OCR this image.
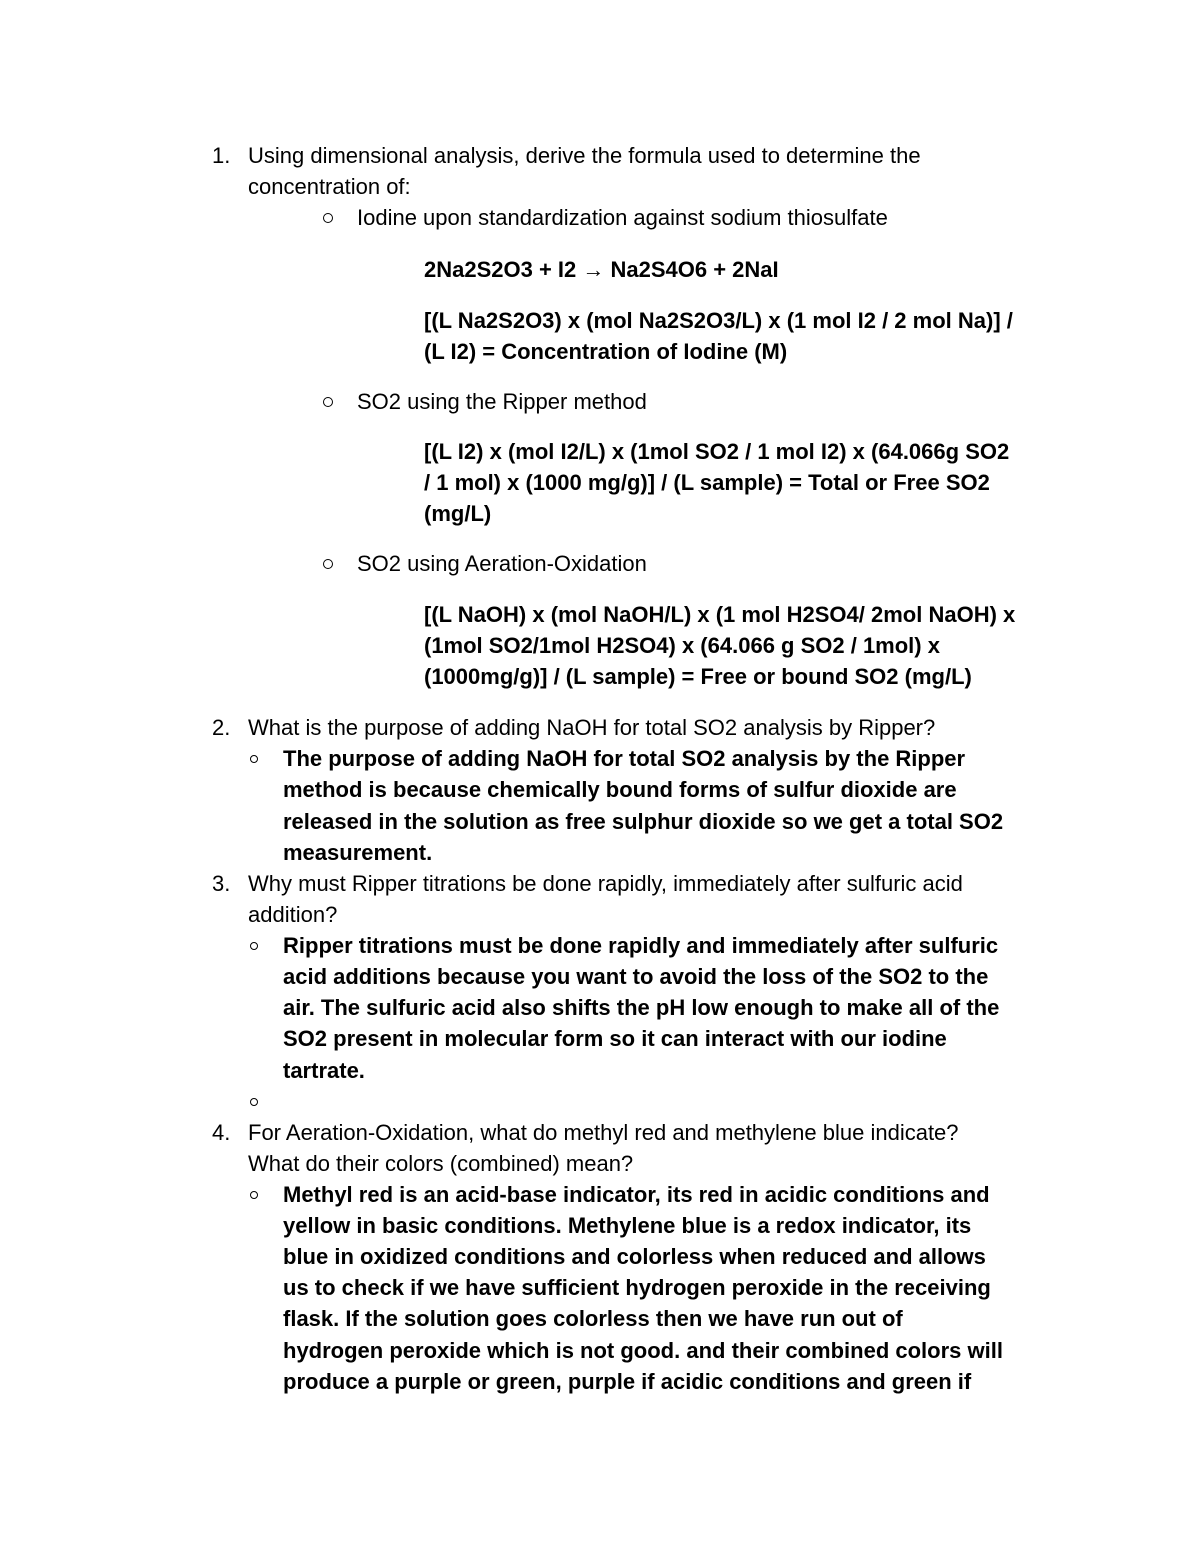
1. Using dimensional analysis, derive the formula used to determine the
concentration of:
Iodine upon standardization against sodium thiosulfate
2Na2S2O3 + I2 → Na2S4O6 + 2NaI
[(L Na2S2O3) x (mol Na2S2O3/L) x (1 mol I2 / 2 mol Na)] /
(L I2) = Concentration of Iodine (M)
SO2 using the Ripper method
[(L I2) x (mol I2/L) x (1mol SO2 / 1 mol I2) x (64.066g SO2
/ 1 mol) x (1000 mg/g)] / (L sample) = Total or Free SO2
(mg/L)
SO2 using Aeration-Oxidation
[(L NaOH) x (mol NaOH/L) x (1 mol H2SO4/ 2mol NaOH) x
(1mol SO2/1mol H2SO4) x (64.066 g SO2 / 1mol) x
(1000mg/g)] / (L sample) = Free or bound SO2 (mg/L)
2. What is the purpose of adding NaOH for total SO2 analysis by Ripper?
The purpose of adding NaOH for total SO2 analysis by the Ripper
method is because chemically bound forms of sulfur dioxide are
released in the solution as free sulphur dioxide so we get a total SO2
measurement.
3. Why must Ripper titrations be done rapidly, immediately after sulfuric acid
addition?
Ripper titrations must be done rapidly and immediately after sulfuric
acid additions because you want to avoid the loss of the SO2 to the
air. The sulfuric acid also shifts the pH low enough to make all of the
SO2 present in molecular form so it can interact with our iodine
tartrate.
4. For Aeration-Oxidation, what do methyl red and methylene blue indicate?
What do their colors (combined) mean?
Methyl red is an acid-base indicator, its red in acidic conditions and
yellow in basic conditions. Methylene blue is a redox indicator, its
blue in oxidized conditions and colorless when reduced and allows
us to check if we have sufficient hydrogen peroxide in the receiving
flask. If the solution goes colorless then we have run out of
hydrogen peroxide which is not good. and their combined colors will
produce a purple or green, purple if acidic conditions and green if
